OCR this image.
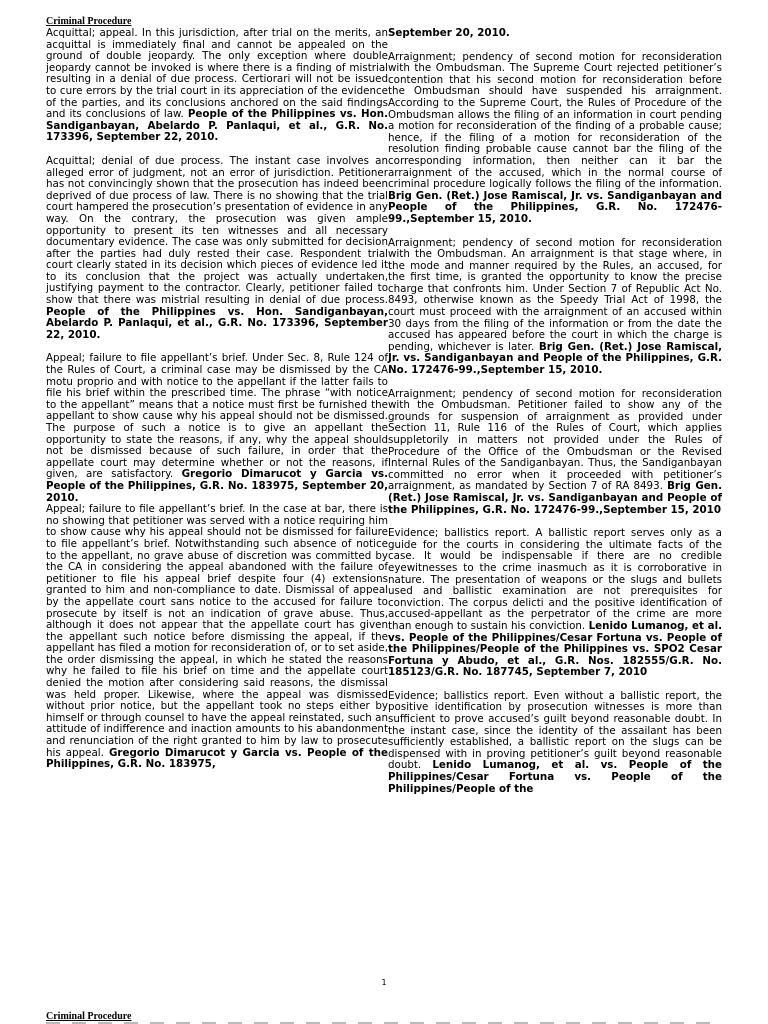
Criminal Procedure

Acquittal; appeal. In this jurisdiction, after trial on the merits, an acquittal is immediately final and cannot be appealed on the ground of double jeopardy. The only exception where double jeopardy cannot be invoked is where there is a finding of mistrial resulting in a denial of due process. Certiorari will not be issued to cure errors by the trial court in its appreciation of the evidence of the parties, and its conclusions anchored on the said findings and its conclusions of law. People of the Philippines vs. Hon. Sandiganbayan, Abelardo P. Panlaqui, et al., G.R. No. 173396, September 22, 2010.

Acquittal; denial of due process. The instant case involves an alleged error of judgment, not an error of jurisdiction. Petitioner has not convincingly shown that the prosecution has indeed been deprived of due process of law. There is no showing that the trial court hampered the prosecution’s presentation of evidence in any way. On the contrary, the prosecution was given ample opportunity to present its ten witnesses and all necessary documentary evidence. The case was only submitted for decision after the parties had duly rested their case. Respondent trial court clearly stated in its decision which pieces of evidence led it to its conclusion that the project was actually undertaken, justifying payment to the contractor. Clearly, petitioner failed to show that there was mistrial resulting in denial of due process. People of the Philippines vs. Hon. Sandiganbayan, Abelardo P. Panlaqui, et al., G.R. No. 173396, September 22, 2010.

Appeal; failure to file appellant’s brief. Under Sec. 8, Rule 124 of the Rules of Court, a criminal case may be dismissed by the CA motu proprio and with notice to the appellant if the latter fails to file his brief within the prescribed time. The phrase “with notice to the appellant” means that a notice must first be furnished the appellant to show cause why his appeal should not be dismissed. The purpose of such a notice is to give an appellant the opportunity to state the reasons, if any, why the appeal should not be dismissed because of such failure, in order that the appellate court may determine whether or not the reasons, if given, are satisfactory. Gregorio Dimarucot y Garcia vs. People of the Philippines, G.R. No. 183975, September 20, 2010.

Appeal; failure to file appellant’s brief. In the case at bar, there is no showing that petitioner was served with a notice requiring him to show cause why his appeal should not be dismissed for failure to file appellant’s brief. Notwithstanding such absence of notice to the appellant, no grave abuse of discretion was committed by the CA in considering the appeal abandoned with the failure of petitioner to file his appeal brief despite four (4) extensions granted to him and non-compliance to date. Dismissal of appeal by the appellate court sans notice to the accused for failure to prosecute by itself is not an indication of grave abuse. Thus, although it does not appear that the appellate court has given the appellant such notice before dismissing the appeal, if the appellant has filed a motion for reconsideration of, or to set aside, the order dismissing the appeal, in which he stated the reasons why he failed to file his brief on time and the appellate court denied the motion after considering said reasons, the dismissal was held proper. Likewise, where the appeal was dismissed without prior notice, but the appellant took no steps either by himself or through counsel to have the appeal reinstated, such an attitude of indifference and inaction amounts to his abandonment and renunciation of the right granted to him by law to prosecute his appeal. Gregorio Dimarucot y Garcia vs. People of the Philippines, G.R. No. 183975,

September 20, 2010.

Arraignment; pendency of second motion for reconsideration with the Ombudsman. The Supreme Court rejected petitioner’s contention that his second motion for reconsideration before the Ombudsman should have suspended his arraignment. According to the Supreme Court, the Rules of Procedure of the Ombudsman allows the filing of an information in court pending a motion for reconsideration of the finding of a probable cause; hence, if the filing of a motion for reconsideration of the resolution finding probable cause cannot bar the filing of the corresponding information, then neither can it bar the arraignment of the accused, which in the normal course of criminal procedure logically follows the filing of the information. Brig Gen. (Ret.) Jose Ramiscal, Jr. vs. Sandiganbayan and People of the Philippines, G.R. No. 172476-99.,September 15, 2010.

Arraignment; pendency of second motion for reconsideration with the Ombudsman. An arraignment is that stage where, in the mode and manner required by the Rules, an accused, for the first time, is granted the opportunity to know the precise charge that confronts him. Under Section 7 of Republic Act No. 8493, otherwise known as the Speedy Trial Act of 1998, the court must proceed with the arraignment of an accused within 30 days from the filing of the information or from the date the accused has appeared before the court in which the charge is pending, whichever is later. Brig Gen. (Ret.) Jose Ramiscal, Jr. vs. Sandiganbayan and People of the Philippines, G.R. No. 172476-99.,September 15, 2010.

Arraignment; pendency of second motion for reconsideration with the Ombudsman. Petitioner failed to show any of the grounds for suspension of arraignment as provided under Section 11, Rule 116 of the Rules of Court, which applies suppletorily in matters not provided under the Rules of Procedure of the Office of the Ombudsman or the Revised Internal Rules of the Sandiganbayan. Thus, the Sandiganbayan committed no error when it proceeded with petitioner’s arraignment, as mandated by Section 7 of RA 8493. Brig Gen. (Ret.) Jose Ramiscal, Jr. vs. Sandiganbayan and People of the Philippines, G.R. No. 172476-99.,September 15, 2010

Evidence; ballistics report. A ballistic report serves only as a guide for the courts in considering the ultimate facts of the case. It would be indispensable if there are no credible eyewitnesses to the crime inasmuch as it is corroborative in nature. The presentation of weapons or the slugs and bullets used and ballistic examination are not prerequisites for conviction. The corpus delicti and the positive identification of accused-appellant as the perpetrator of the crime are more than enough to sustain his conviction. Lenido Lumanog, et al. vs. People of the Philippines/Cesar Fortuna vs. People of the Philippines/People of the Philippines vs. SPO2 Cesar Fortuna y Abudo, et al., G.R. Nos. 182555/G.R. No. 185123/G.R. No. 187745, September 7, 2010

Evidence; ballistics report. Even without a ballistic report, the positive identification by prosecution witnesses is more than sufficient to prove accused’s guilt beyond reasonable doubt. In the instant case, since the identity of the assailant has been sufficiently established, a ballistic report on the slugs can be dispensed with in proving petitioner’s guilt beyond reasonable doubt. Lenido Lumanog, et al. vs. People of the Philippines/Cesar Fortuna vs. People of the Philippines/People of the

1
Criminal Procedure
